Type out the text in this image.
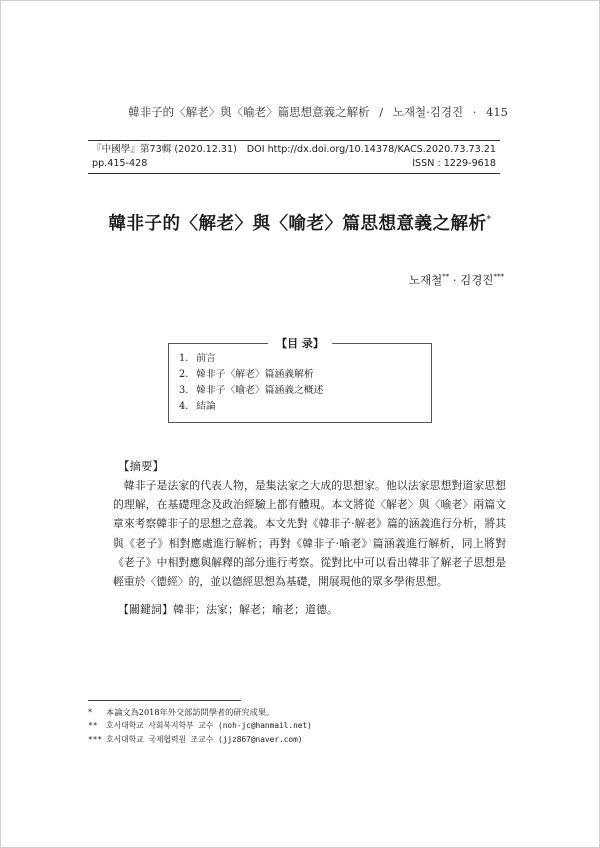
韓非子的〈解老〉與〈喻老〉篇思想意義之解析 / 노재철·김경진 · 415
『中國學』第73輯 (2020.12.31) DOI http://dx.doi.org/10.14378/KACS.2020.73.73.21
pp.415-428	ISSN : 1229-9618
韓非子的〈解老〉與〈喻老〉篇思想意義之解析*
노재철** · 김경진***
【目 录】
1. 前言
2. 韓非子〈解老〉篇涵義解析
3. 韓非子〈喻老〉篇涵義之概述
4. 結論
【摘要】
韓非子是法家的代表人物，是集法家之大成的思想家。他以法家思想對道家思想的理解，在基礎理念及政治經驗上都有體現。本文將從〈解老〉與〈喻老〉兩篇文章來考察韓非子的思想之意義。本文先對《韓非子·解老》篇的涵義進行分析，將其與《老子》相對應處進行解析；再對《韓非子·喻老》篇涵義進行解析，同上將對《老子》中相對應與解釋的部分進行考察。從對比中可以看出韓非了解老子思想是輕重於〈德經〉的，並以德經思想為基礎，開展現他的眾多學術思想。
【關鍵詞】韓非；法家；解老；喻老；道德。
* 本論文為2018年外交部訪問學者的研究成果。
** 호서대학교 사회복지학부 교수 (noh-jc@hanmail.net)
*** 호서대학교 국제협력원 조교수 (jjz867@naver.com)
